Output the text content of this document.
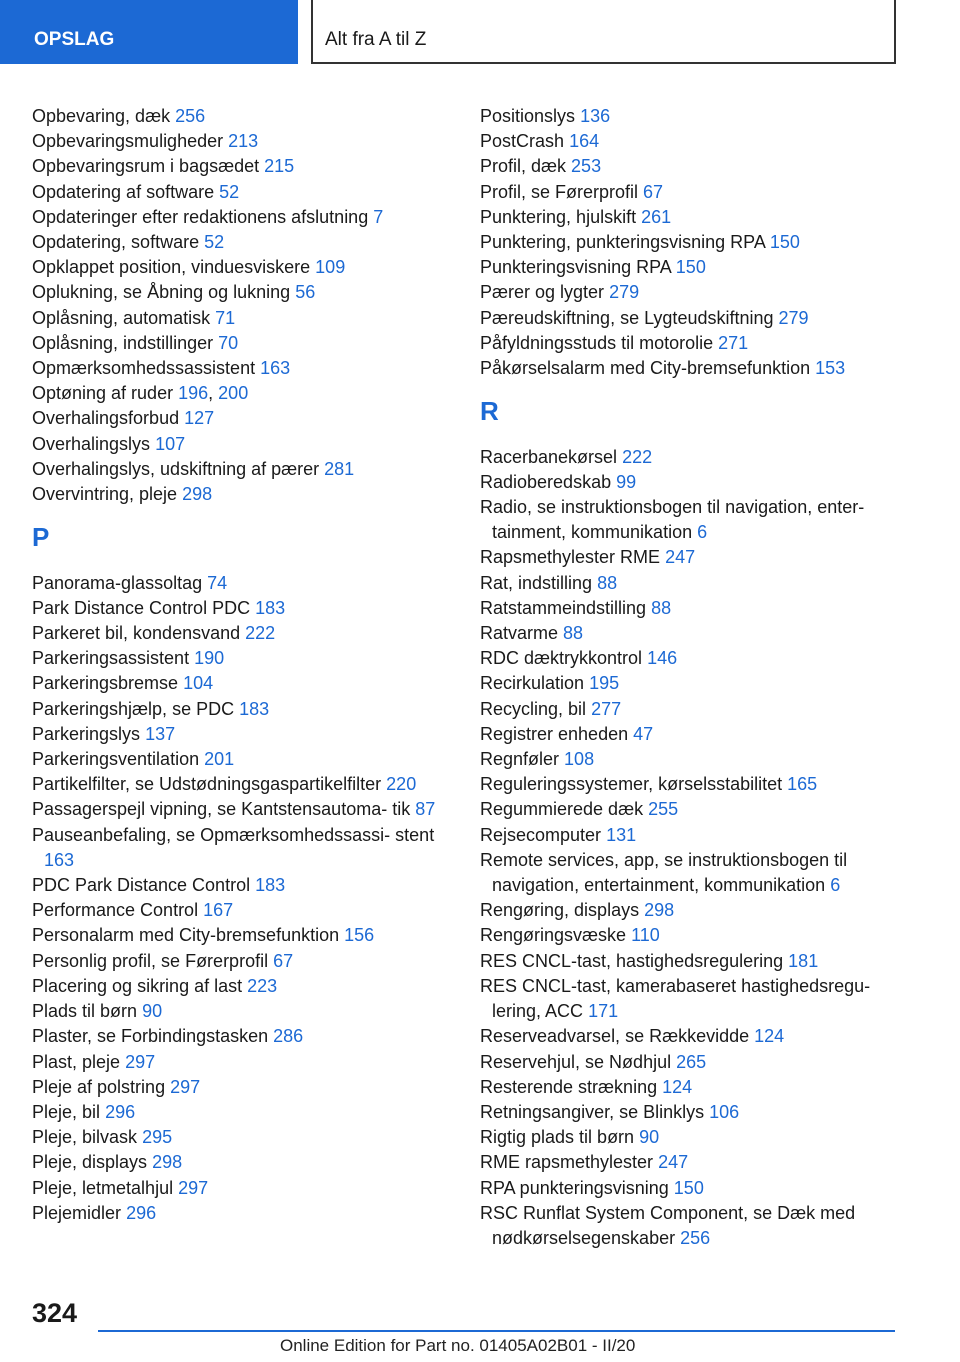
OPSLAG	Alt fra A til Z

Opbevaring, dæk 256

Opbevaringsmuligheder 213

Opbevaringsrum i bagsædet 215

Opdatering af software 52

Opdateringer efter redaktionens afslutning 7

Opdatering, software 52

Opklappet position, vinduesviskere 109

Oplukning, se Åbning og lukning 56

Oplåsning, automatisk 71

Oplåsning, indstillinger 70

Opmærksomhedssassistent 163

Optøning af ruder 196, 200

Overhalingsforbud 127

Overhalingslys 107

Overhalingslys, udskiftning af pærer 281

Overvintring, pleje 298

P

Panorama-glassoltag 74

Park Distance Control PDC 183

Parkeret bil, kondensvand 222

Parkeringsassistent 190

Parkeringsbremse 104

Parkeringshjælp, se PDC 183

Parkeringslys 137

Parkeringsventilation 201

Partikelfilter, se Udstødningsgaspartikelfilter 220

Passagerspejl vipning, se Kantstensautoma- tik 87

Pauseanbefaling, se Opmærksomhedssassi- stent 163

PDC Park Distance Control 183

Performance Control 167

Personalarm med City-bremsefunktion 156

Personlig profil, se Førerprofil 67

Placering og sikring af last 223

Plads til børn 90

Plaster, se Forbindingstasken 286

Plast, pleje 297

Pleje af polstring 297

Pleje, bil 296

Pleje, bilvask 295

Pleje, displays 298

Pleje, letmetalhjul 297

Plejemidler 296

Positionslys 136

PostCrash 164

Profil, dæk 253

Profil, se Førerprofil 67

Punktering, hjulskift 261

Punktering, punkteringsvisning RPA 150

Punkteringsvisning RPA 150

Pærer og lygter 279

Pæreudskiftning, se Lygteudskiftning 279

Påfyldningsstuds til motorolie 271

Påkørselsalarm med City-bremsefunktion 153

R

Racerbanekørsel 222

Radioberedskab 99

Radio, se instruktionsbogen til navigation, enter- tainment, kommunikation 6

Rapsmethylester RME 247

Rat, indstilling 88

Ratstammeindstilling 88

Ratvarme 88

RDC dæktrykkontrol 146

Recirkulation 195

Recycling, bil 277

Registrer enheden 47

Regnføler 108

Reguleringssystemer, kørselsstabilitet 165

Regummierede dæk 255

Rejsecomputer 131

Remote services, app, se instruktionsbogen til navigation, entertainment, kommunikation 6

Rengøring, displays 298

Rengøringsvæske 110

RES CNCL-tast, hastighedsregulering 181

RES CNCL-tast, kamerabaseret hastighedsregu- lering, ACC 171

Reserveadvarsel, se Rækkevidde 124

Reservehjul, se Nødhjul 265

Resterende strækning 124

Retningsangiver, se Blinklys 106

Rigtig plads til børn 90

RME rapsmethylester 247

RPA punkteringsvisning 150

RSC Runflat System Component, se Dæk med nødkørselsegenskaber 256

324
Online Edition for Part no. 01405A02B01 - II/20
